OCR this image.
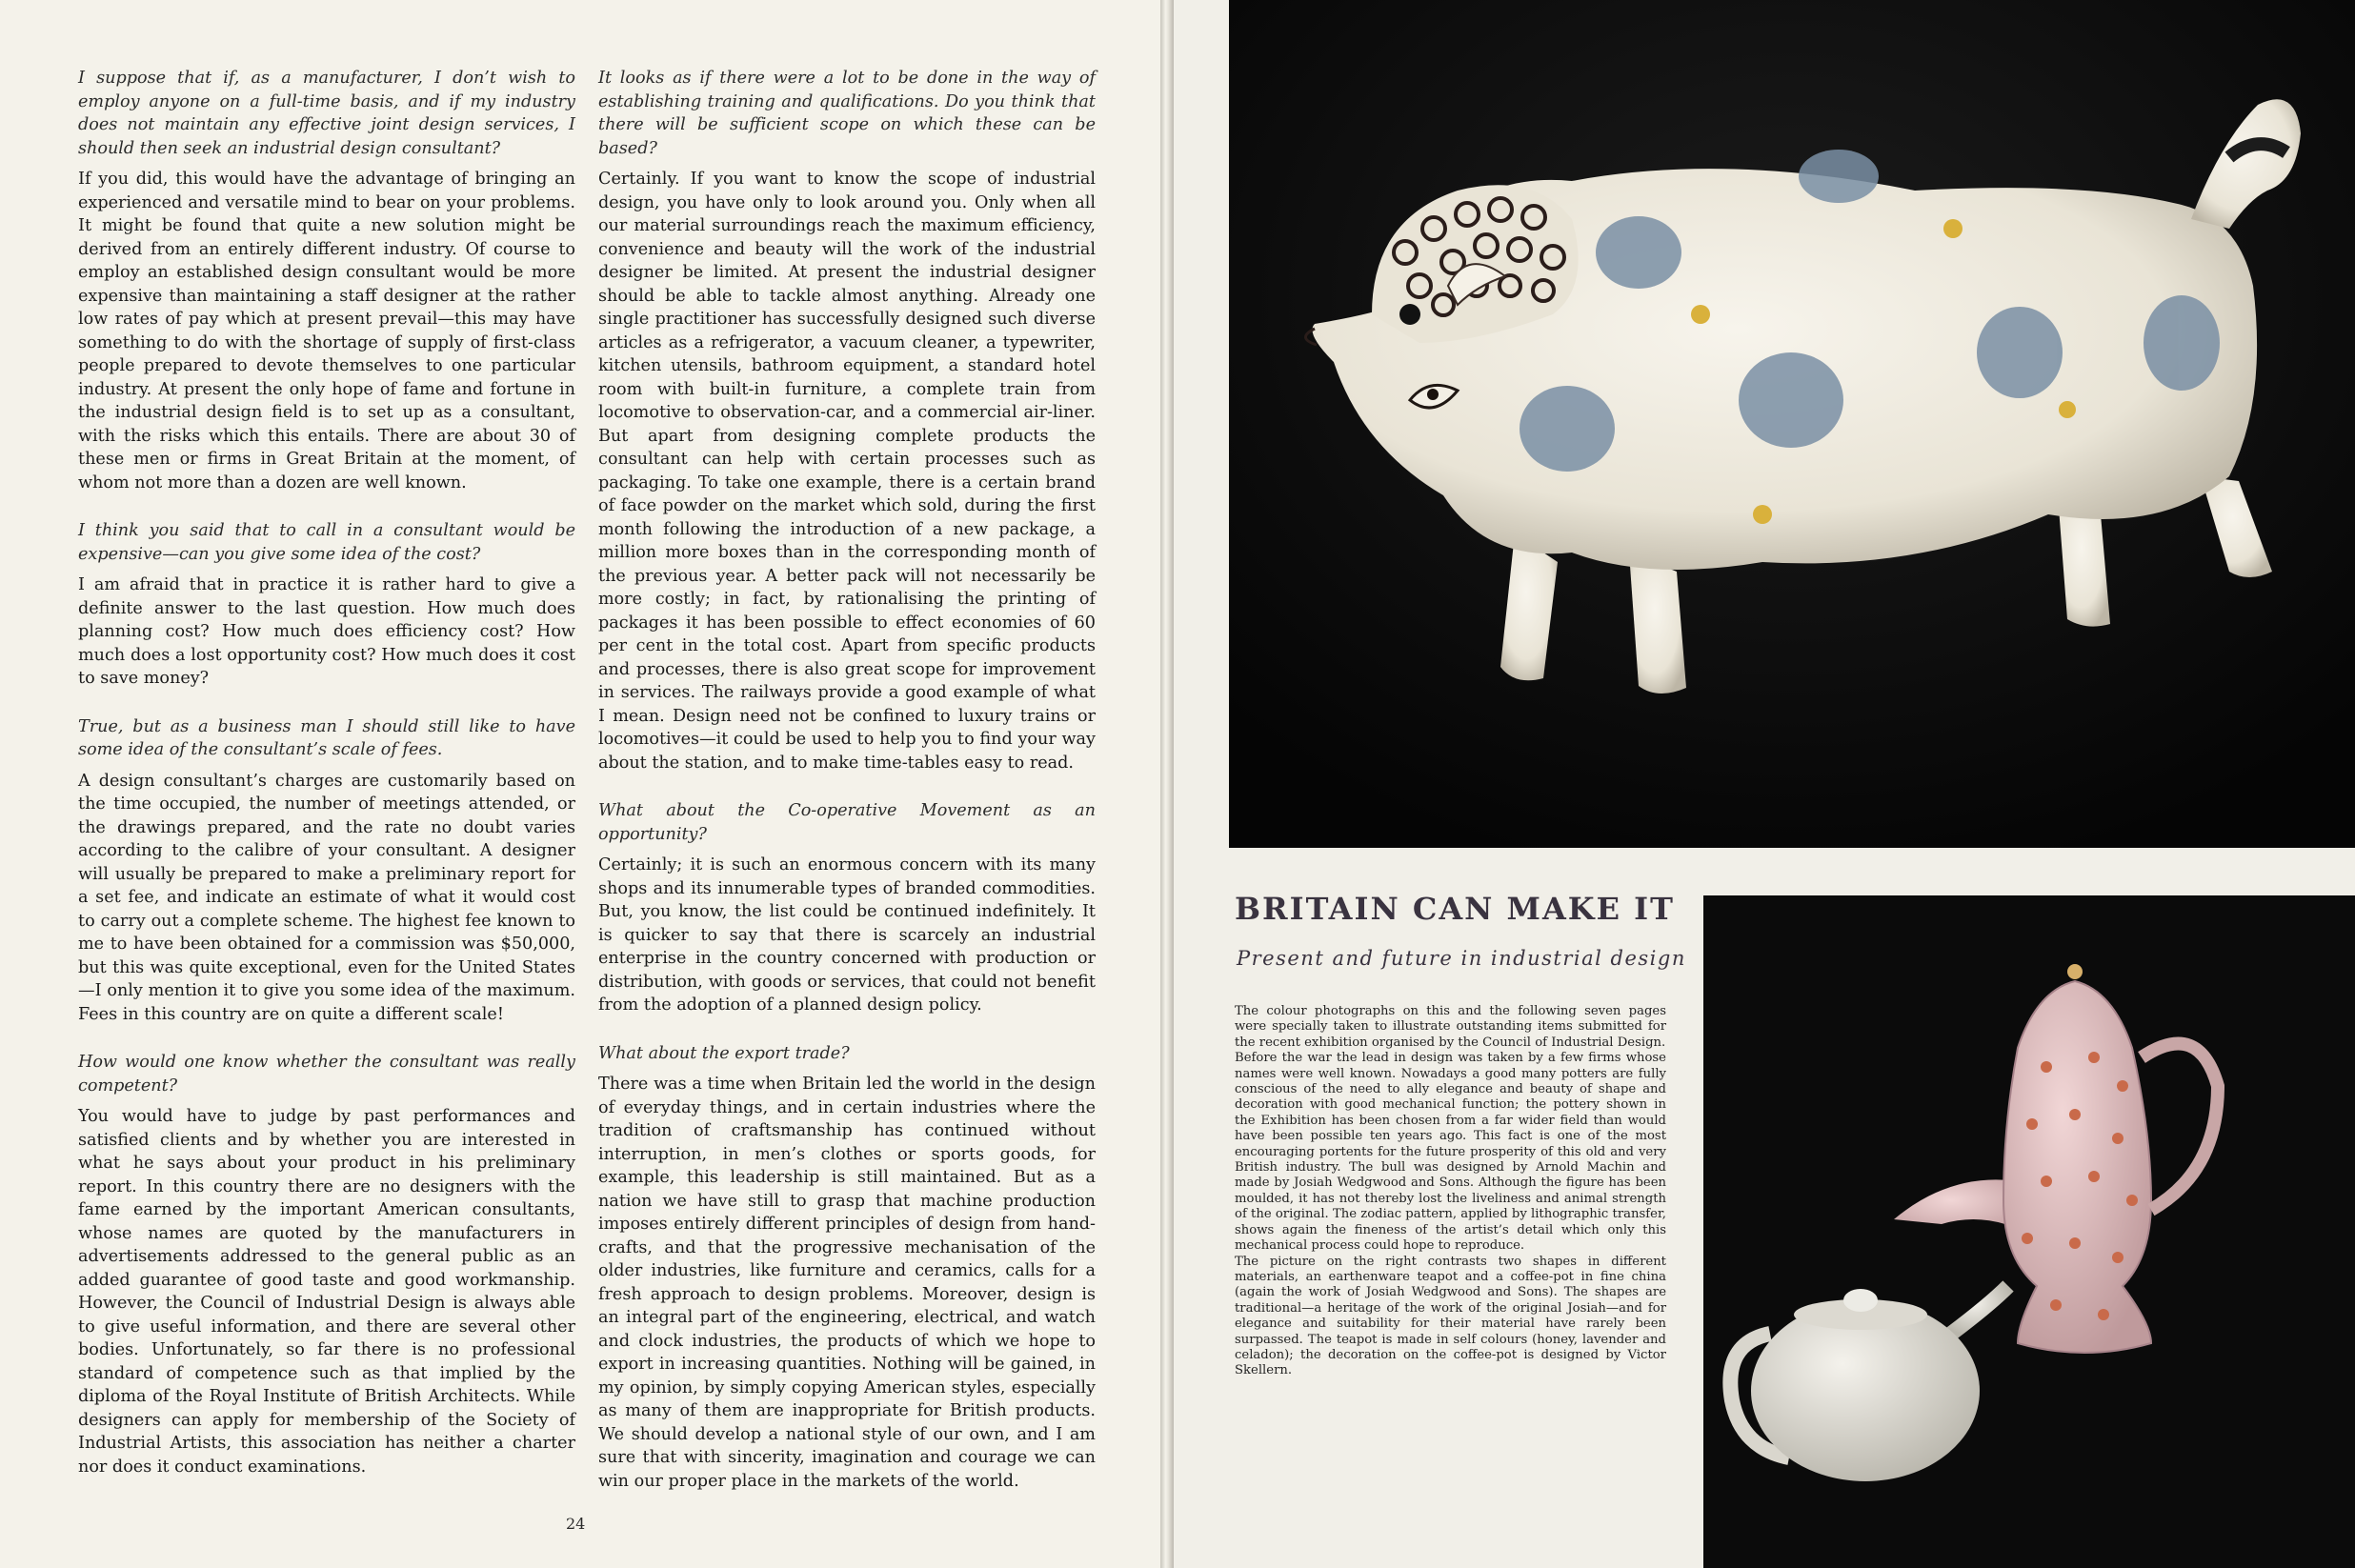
I suppose that if, as a manufacturer, I don’t wish to employ anyone on a full-time basis, and if my industry does not maintain any effective joint design services, I should then seek an industrial design consultant?

If you did, this would have the advantage of bringing an experienced and versatile mind to bear on your problems. It might be found that quite a new solution might be derived from an entirely different industry. Of course to employ an established design consultant would be more expensive than maintaining a staff designer at the rather low rates of pay which at present prevail—this may have something to do with the shortage of supply of first-class people prepared to devote themselves to one particular industry. At present the only hope of fame and fortune in the industrial design field is to set up as a consultant, with the risks which this entails. There are about 30 of these men or firms in Great Britain at the moment, of whom not more than a dozen are well known.

I think you said that to call in a consultant would be expensive—can you give some idea of the cost?

I am afraid that in practice it is rather hard to give a definite answer to the last question. How much does planning cost? How much does efficiency cost? How much does a lost opportunity cost? How much does it cost to save money?

True, but as a business man I should still like to have some idea of the consultant’s scale of fees.

A design consultant’s charges are customarily based on the time occupied, the number of meetings attended, or the drawings prepared, and the rate no doubt varies according to the calibre of your consultant. A designer will usually be prepared to make a preliminary report for a set fee, and indicate an estimate of what it would cost to carry out a complete scheme. The highest fee known to me to have been obtained for a commission was $50,000, but this was quite exceptional, even for the United States—I only mention it to give you some idea of the maximum. Fees in this country are on quite a different scale!

How would one know whether the consultant was really competent?

You would have to judge by past performances and satisfied clients and by whether you are interested in what he says about your product in his preliminary report. In this country there are no designers with the fame earned by the important American consultants, whose names are quoted by the manufacturers in advertisements addressed to the general public as an added guarantee of good taste and good workmanship. However, the Council of Industrial Design is always able to give useful information, and there are several other bodies. Unfortunately, so far there is no professional standard of competence such as that implied by the diploma of the Royal Institute of British Architects. While designers can apply for membership of the Society of Industrial Artists, this association has neither a charter nor does it conduct examinations.

It looks as if there were a lot to be done in the way of establishing training and qualifications. Do you think that there will be sufficient scope on which these can be based?

Certainly. If you want to know the scope of industrial design, you have only to look around you. Only when all our material surroundings reach the maximum efficiency, convenience and beauty will the work of the industrial designer be limited. At present the industrial designer should be able to tackle almost anything. Already one single practitioner has successfully designed such diverse articles as a refrigerator, a vacuum cleaner, a typewriter, kitchen utensils, bathroom equipment, a standard hotel room with built-in furniture, a complete train from locomotive to observation-car, and a commercial air-liner. But apart from designing complete products the consultant can help with certain processes such as packaging. To take one example, there is a certain brand of face powder on the market which sold, during the first month following the introduction of a new package, a million more boxes than in the corresponding month of the previous year. A better pack will not necessarily be more costly; in fact, by rationalising the printing of packages it has been possible to effect economies of 60 per cent in the total cost. Apart from specific products and processes, there is also great scope for improvement in services. The railways provide a good example of what I mean. Design need not be confined to luxury trains or locomotives—it could be used to help you to find your way about the station, and to make time-tables easy to read.

What about the Co-operative Movement as an opportunity?

Certainly; it is such an enormous concern with its many shops and its innumerable types of branded commodities. But, you know, the list could be continued indefinitely. It is quicker to say that there is scarcely an industrial enterprise in the country concerned with production or distribution, with goods or services, that could not benefit from the adoption of a planned design policy.

What about the export trade?

There was a time when Britain led the world in the design of everyday things, and in certain industries where the tradition of craftsmanship has continued without interruption, in men’s clothes or sports goods, for example, this leadership is still maintained. But as a nation we have still to grasp that machine production imposes entirely different principles of design from hand-crafts, and that the progressive mechanisation of the older industries, like furniture and ceramics, calls for a fresh approach to design problems. Moreover, design is an integral part of the engineering, electrical, and watch and clock industries, the products of which we hope to export in increasing quantities. Nothing will be gained, in my opinion, by simply copying American styles, especially as many of them are inappropriate for British products. We should develop a national style of our own, and I am sure that with sincerity, imagination and courage we can win our proper place in the markets of the world.

24
BRITAIN CAN MAKE IT
Present and future in industrial design

The colour photographs on this and the following seven pages were specially taken to illustrate outstanding items submitted for the recent exhibition organised by the Council of Industrial Design.

Before the war the lead in design was taken by a few firms whose names were well known. Nowadays a good many potters are fully conscious of the need to ally elegance and beauty of shape and decoration with good mechanical function; the pottery shown in the Exhibition has been chosen from a far wider field than would have been possible ten years ago. This fact is one of the most encouraging portents for the future prosperity of this old and very British industry. The bull was designed by Arnold Machin and made by Josiah Wedgwood and Sons. Although the figure has been moulded, it has not thereby lost the liveliness and animal strength of the original. The zodiac pattern, applied by lithographic transfer, shows again the fineness of the artist’s detail which only this mechanical process could hope to reproduce.

The picture on the right contrasts two shapes in different materials, an earthenware teapot and a coffee-pot in fine china (again the work of Josiah Wedgwood and Sons). The shapes are traditional—a heritage of the work of the original Josiah—and for elegance and suitability for their material have rarely been surpassed. The teapot is made in self colours (honey, lavender and celadon); the decoration on the coffee-pot is designed by Victor Skellern.
